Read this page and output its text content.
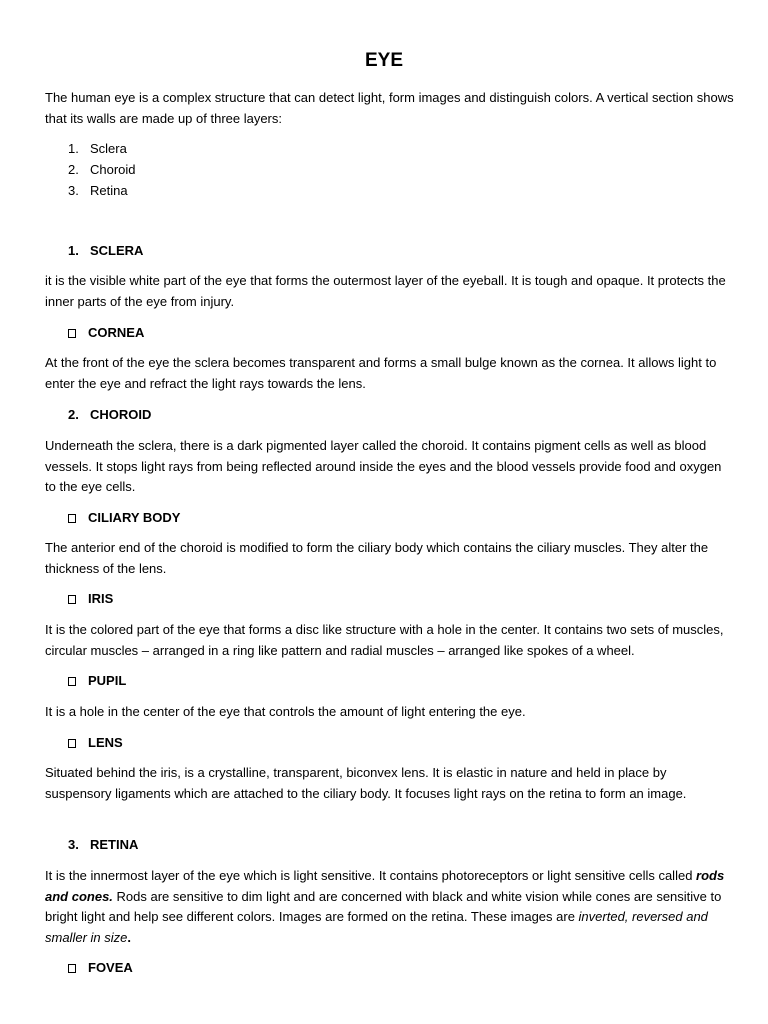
EYE

The human eye is a complex structure that can detect light, form images and distinguish colors. A vertical section shows that its walls are made up of three layers:

1. Sclera
2. Choroid
3. Retina
1. SCLERA

it is the visible white part of the eye that forms the outermost layer of the eyeball. It is tough and opaque. It protects the inner parts of the eye from injury.

CORNEA

At the front of the eye the sclera becomes transparent and forms a small bulge known as the cornea. It allows light to enter the eye and refract the light rays towards the lens.

2. CHOROID

Underneath the sclera, there is a dark pigmented layer called the choroid. It contains pigment cells as well as blood vessels. It stops light rays from being reflected around inside the eyes and the blood vessels provide food and oxygen to the eye cells.

CILIARY BODY

The anterior end of the choroid is modified to form the ciliary body which contains the ciliary muscles. They alter the thickness of the lens.

IRIS

It is the colored part of the eye that forms a disc like structure with a hole in the center. It contains two sets of muscles, circular muscles – arranged in a ring like pattern and radial muscles – arranged like spokes of a wheel.

PUPIL

It is a hole in the center of the eye that controls the amount of light entering the eye.

LENS

Situated behind the iris, is a crystalline, transparent, biconvex lens. It is elastic in nature and held in place by suspensory ligaments which are attached to the ciliary body. It focuses light rays on the retina to form an image.

3. RETINA

It is the innermost layer of the eye which is light sensitive. It contains photoreceptors or light sensitive cells called rods and cones. Rods are sensitive to dim light and are concerned with black and white vision while cones are sensitive to bright light and help see different colors. Images are formed on the retina. These images are inverted, reversed and smaller in size.

FOVEA
